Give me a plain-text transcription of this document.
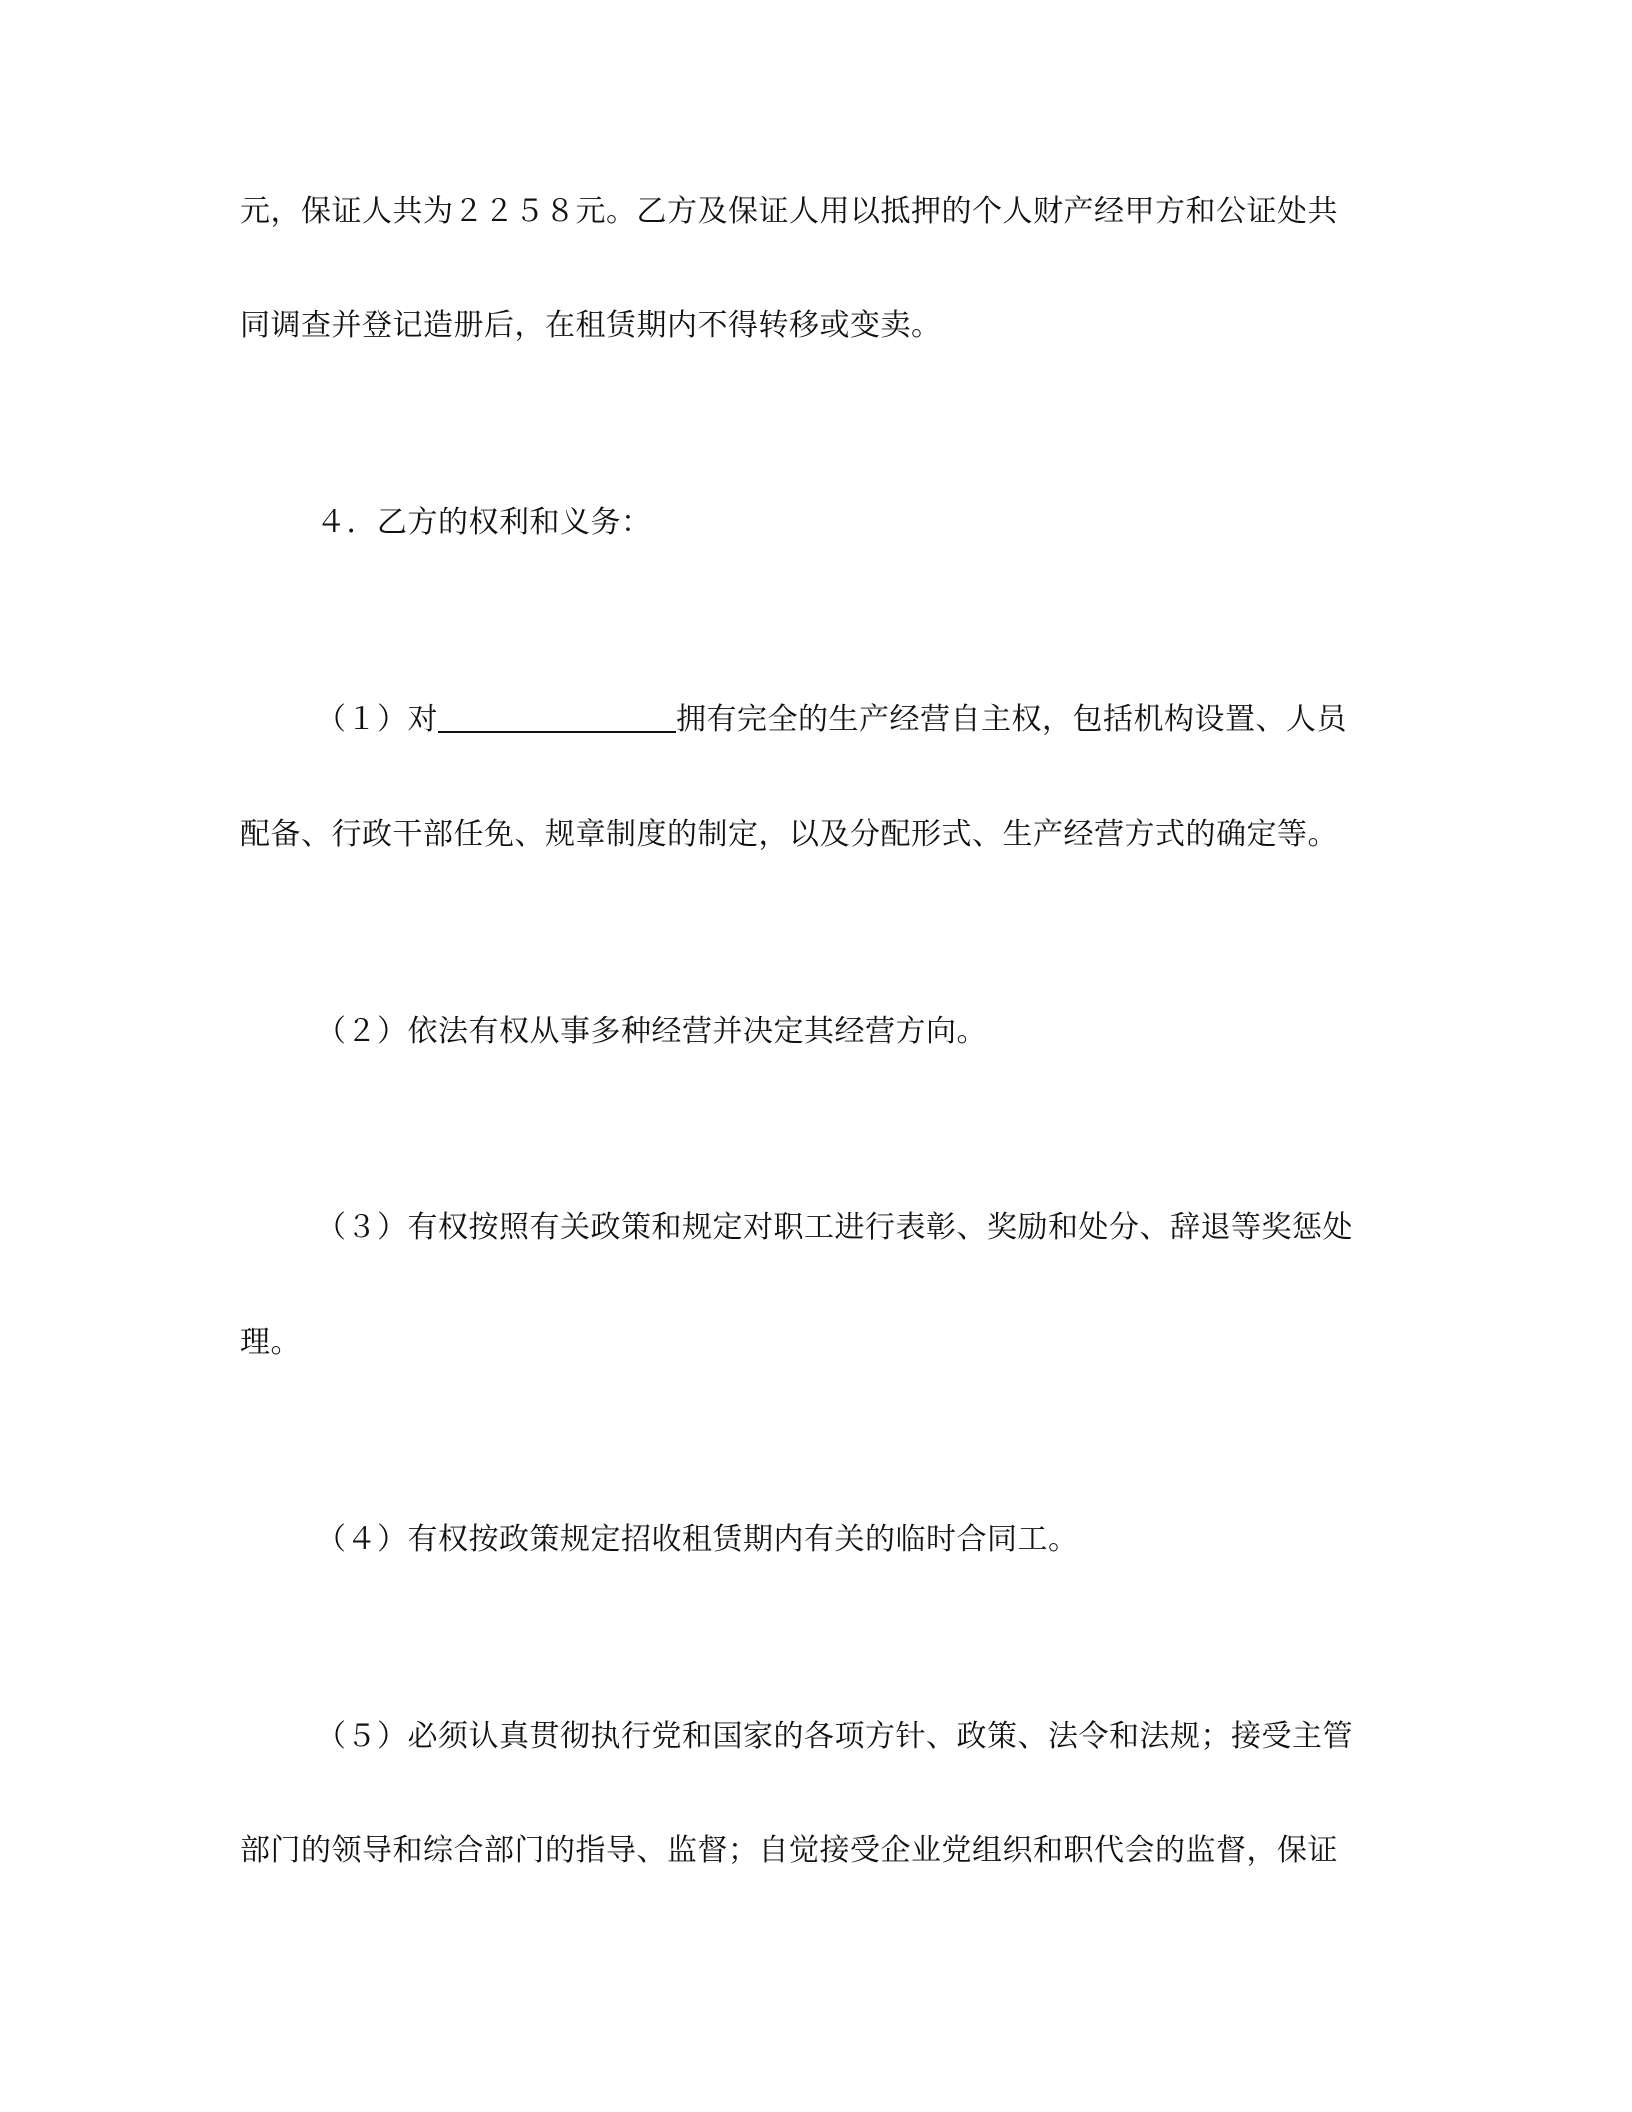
元，保证人共为２２５８元。乙方及保证人用以抵押的个人财产经甲方和公证处共
同调查并登记造册后，在租赁期内不得转移或变卖。
４．乙方的权利和义务：
（１）对	拥有完全的生产经营自主权，包括机构设置、人员
配备、行政干部任免、规章制度的制定，以及分配形式、生产经营方式的确定等。
（２）依法有权从事多种经营并决定其经营方向。
（３）有权按照有关政策和规定对职工进行表彰、奖励和处分、辞退等奖惩处
理。
（４）有权按政策规定招收租赁期内有关的临时合同工。
（５）必须认真贯彻执行党和国家的各项方针、政策、法令和法规；接受主管
部门的领导和综合部门的指导、监督；自觉接受企业党组织和职代会的监督，保证
